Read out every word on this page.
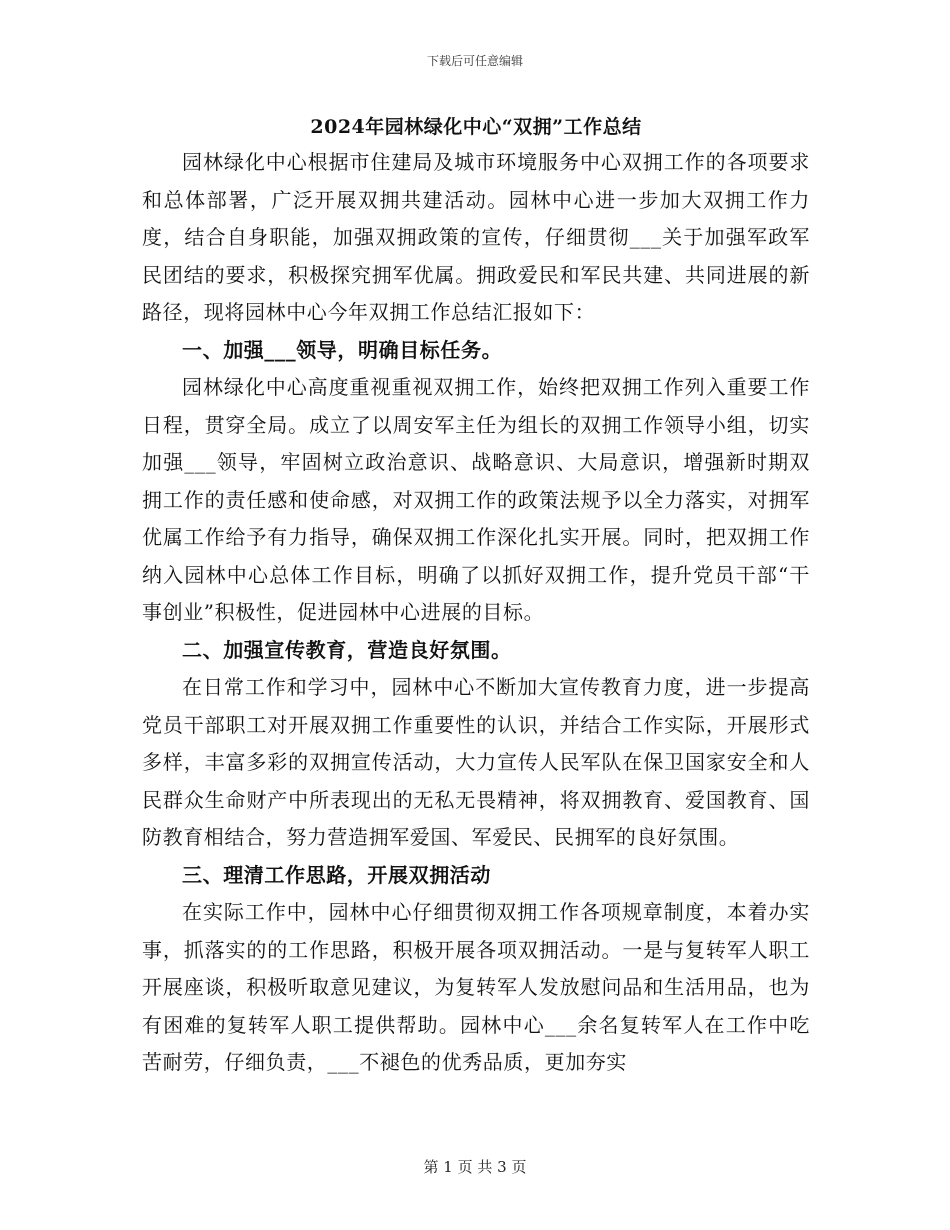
下载后可任意编辑
2024年园林绿化中心“双拥”工作总结

园林绿化中心根据市住建局及城市环境服务中心双拥工作的各项要求和总体部署，广泛开展双拥共建活动。园林中心进一步加大双拥工作力度，结合自身职能，加强双拥政策的宣传，仔细贯彻___关于加强军政军民团结的要求，积极探究拥军优属。拥政爱民和军民共建、共同进展的新路径，现将园林中心今年双拥工作总结汇报如下：

一、加强___领导，明确目标任务。

园林绿化中心高度重视重视双拥工作，始终把双拥工作列入重要工作日程，贯穿全局。成立了以周安军主任为组长的双拥工作领导小组，切实加强___领导，牢固树立政治意识、战略意识、大局意识，增强新时期双拥工作的责任感和使命感，对双拥工作的政策法规予以全力落实，对拥军优属工作给予有力指导，确保双拥工作深化扎实开展。同时，把双拥工作纳入园林中心总体工作目标，明确了以抓好双拥工作，提升党员干部“干事创业”积极性，促进园林中心进展的目标。

二、加强宣传教育，营造良好氛围。

在日常工作和学习中，园林中心不断加大宣传教育力度，进一步提高党员干部职工对开展双拥工作重要性的认识，并结合工作实际，开展形式多样，丰富多彩的双拥宣传活动，大力宣传人民军队在保卫国家安全和人民群众生命财产中所表现出的无私无畏精神，将双拥教育、爱国教育、国防教育相结合，努力营造拥军爱国、军爱民、民拥军的良好氛围。

三、理清工作思路，开展双拥活动

在实际工作中，园林中心仔细贯彻双拥工作各项规章制度，本着办实事，抓落实的的工作思路，积极开展各项双拥活动。一是与复转军人职工开展座谈，积极听取意见建议，为复转军人发放慰问品和生活用品，也为有困难的复转军人职工提供帮助。园林中心___余名复转军人在工作中吃苦耐劳，仔细负责，___不褪色的优秀品质，更加夯实

第 1 页 共 3 页
